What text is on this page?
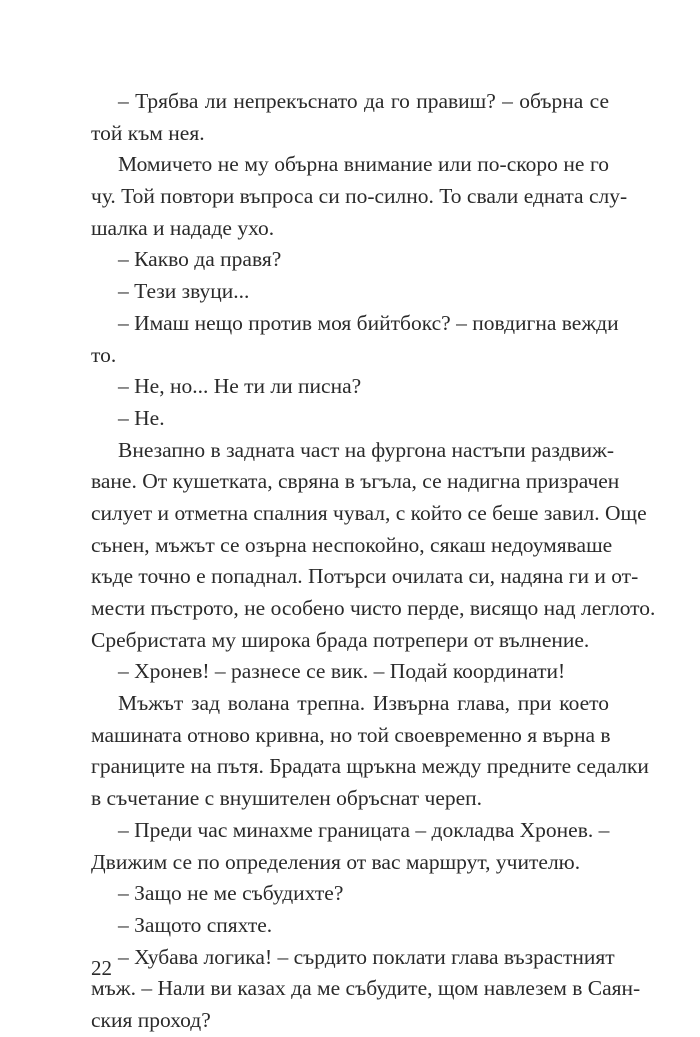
– Трябва ли непрекъснато да го правиш? – обърна се
той към нея.
Момичето не му обърна внимание или по-скоро не го
чу. Той повтори въпроса си по-силно. То свали едната слу-
шалка и нададе ухо.
– Какво да правя?
– Тези звуци...
– Имаш нещо против моя бийтбокс? – повдигна вежди
то.
– Не, но... Не ти ли писна?
– Не.
Внезапно в задната част на фургона настъпи раздвиж-
ване. От кушетката, свряна в ъгъла, се надигна призрачен
силует и отметна спалния чувал, с който се беше завил. Още
сънен, мъжът се озърна неспокойно, сякаш недоумяваше
къде точно е попаднал. Потърси очилата си, надяна ги и от-
мести пъстрото, не особено чисто перде, висящо над леглото.
Сребристата му широка брада потрепери от вълнение.
– Хронев! – разнесе се вик. – Подай координати!
Мъжът зад волана трепна. Извърна глава, при което
машината отново кривна, но той своевременно я върна в
границите на пътя. Брадата щръкна между предните седалки
в съчетание с внушителен обръснат череп.
– Преди час минахме границата – докладва Хронев. –
Движим се по определения от вас маршрут, учителю.
– Защо не ме събудихте?
– Защото спяхте.
– Хубава логика! – сърдито поклати глава възрастният
мъж. – Нали ви казах да ме събудите, щом навлезем в Саян-
ския проход?
22
